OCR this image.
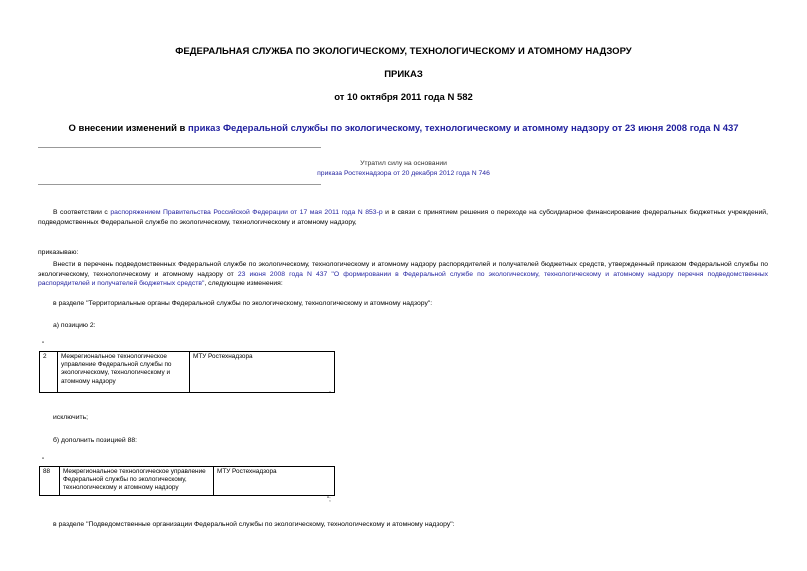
ФЕДЕРАЛЬНАЯ СЛУЖБА ПО ЭКОЛОГИЧЕСКОМУ, ТЕХНОЛОГИЧЕСКОМУ И АТОМНОМУ НАДЗОРУ
ПРИКАЗ
от 10 октября 2011 года N 582
О внесении изменений в приказ Федеральной службы по экологическому, технологическому и атомному надзору от 23 июня 2008 года N 437
Утратил силу на основании
приказа Ростехнадзора от 20 декабря 2012 года N 746
В соответствии с распоряжением Правительства Российской Федерации от 17 мая 2011 года N 853-р и в связи с принятием решения о переходе на субсидиарное финансирование федеральных бюджетных учреждений, подведомственных Федеральной службе по экологическому, технологическому и атомному надзору,
приказываю:
Внести в перечень подведомственных Федеральной службе по экологическому, технологическому и атомному надзору распорядителей и получателей бюджетных средств, утвержденный приказом Федеральной службы по экологическому, технологическому и атомному надзору от 23 июня 2008 года N 437 "О формировании в Федеральной службе по экологическому, технологическому и атомному надзору перечня подведомственных распорядителей и получателей бюджетных средств", следующие изменения:
в разделе "Территориальные органы Федеральной службы по экологическому, технологическому и атомному надзору":
а) позицию 2:
"
2	Межрегиональное технологическое управление Федеральной службы по экологическому, технологическому и атомному надзору	МТУ Ростехнадзора
"
исключить;
б) дополнить позицией 88:
"
88	Межрегиональное технологическое управление Федеральной службы по экологическому, технологическому и атомному надзору	МТУ Ростехнадзора
";
в разделе "Подведомственные организации Федеральной службы по экологическому, технологическому и атомному надзору":
